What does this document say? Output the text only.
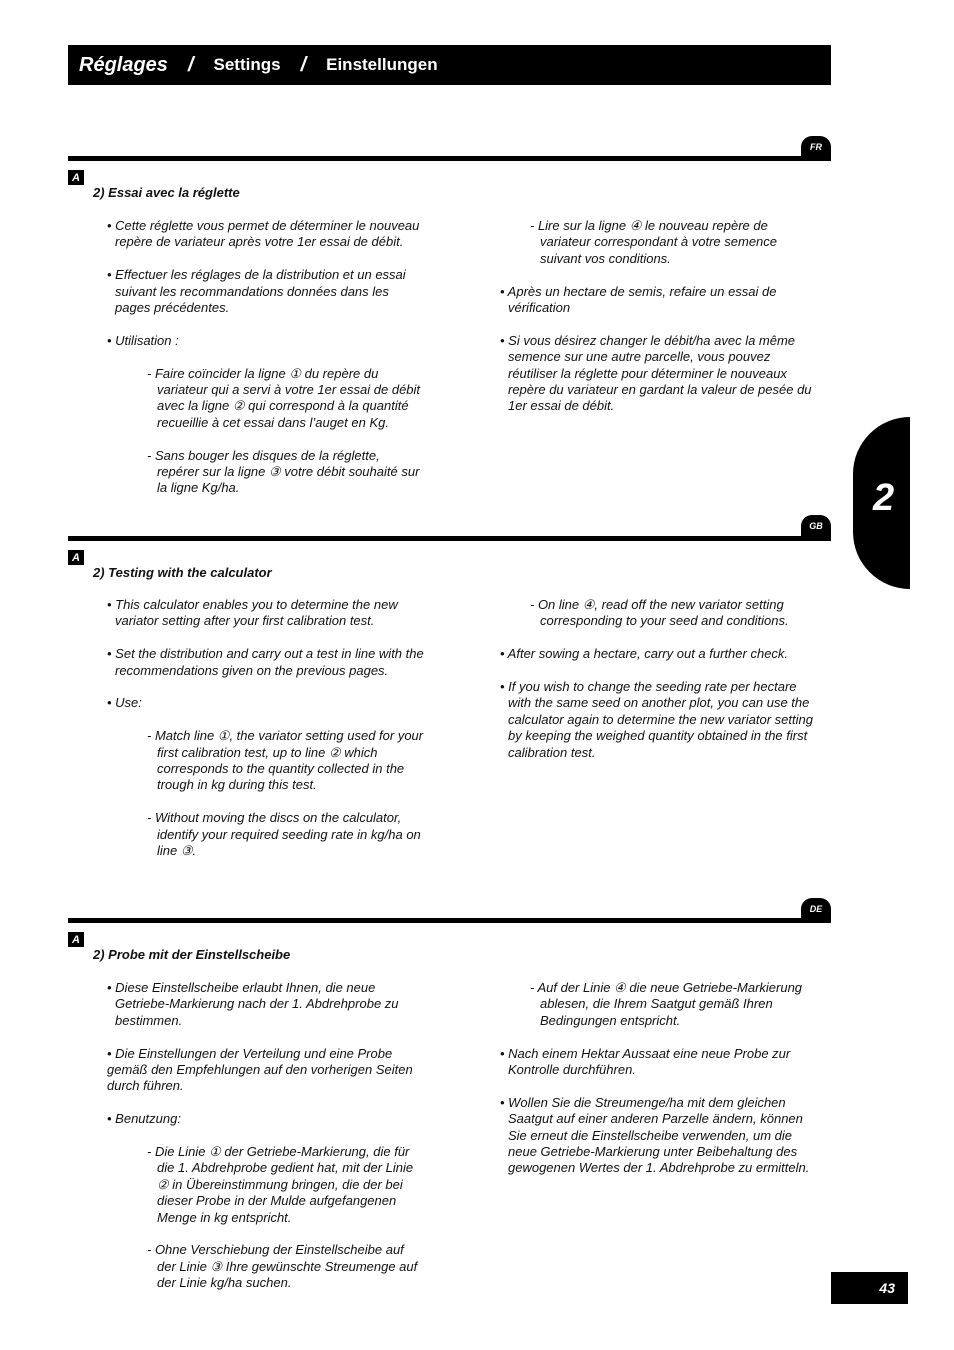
Réglages / Settings / Einstellungen
2
FR
A
2) Essai avec la réglette

• Cette réglette vous permet de déterminer le nouveau repère de variateur après votre 1er essai de débit.

• Effectuer les réglages de la distribution et un essai suivant les recommandations données dans les pages précédentes.

• Utilisation :

- Faire coïncider la ligne ① du repère du variateur qui a servi à votre 1er essai de débit avec la ligne ② qui correspond à la quantité recueillie à cet essai dans l’auget en Kg.

- Sans bouger les disques de la réglette, repérer sur la ligne ③ votre débit souhaité sur la ligne Kg/ha.

- Lire sur la ligne ④ le nouveau repère de variateur correspondant à votre semence suivant vos conditions.

• Après un hectare de semis, refaire un essai de vérification

• Si vous désirez changer le débit/ha avec la même semence sur une autre parcelle, vous pouvez réutiliser la réglette pour déterminer le nouveaux repère du variateur en gardant la valeur de pesée du 1er essai de débit.

GB
A
2) Testing with the calculator

• This calculator enables you to determine the new variator setting after your first calibration test.

• Set the distribution and carry out a test in line with the recommendations given on the previous pages.

• Use:

- Match line ①, the variator setting used for your first calibration test, up to line ② which corresponds to the quantity collected in the trough in kg during this test.

- Without moving the discs on the calculator, identify your required seeding rate in kg/ha on line ③.

- On line ④, read off the new variator setting corresponding to your seed and conditions.

• After sowing a hectare, carry out a further check.

• If you wish to change the seeding rate per hectare with the same seed on another plot, you can use the calculator again to determine the new variator setting by keeping the weighed quantity obtained in the first calibration test.

DE
A
2) Probe mit der Einstellscheibe

• Diese Einstellscheibe erlaubt Ihnen, die neue Getriebe-Markierung nach der 1. Abdrehprobe zu bestimmen.

• Die Einstellungen der Verteilung und eine Probe gemäß den Empfehlungen auf den vorherigen Seiten durch führen.

• Benutzung:

- Die Linie ① der Getriebe-Markierung, die für die 1. Abdrehprobe gedient hat, mit der Linie ② in Übereinstimmung bringen, die der bei dieser Probe in der Mulde aufgefangenen Menge in kg entspricht.

- Ohne Verschiebung der Einstellscheibe auf der Linie ③ Ihre gewünschte Streumenge auf der Linie kg/ha suchen.

- Auf der Linie ④ die neue Getriebe-Markierung ablesen, die Ihrem Saatgut gemäß Ihren Bedingungen entspricht.

• Nach einem Hektar Aussaat eine neue Probe zur Kontrolle durchführen.

• Wollen Sie die Streumenge/ha mit dem gleichen Saatgut auf einer anderen Parzelle ändern, können Sie erneut die Einstellscheibe verwenden, um die neue Getriebe-Markierung unter Beibehaltung des gewogenen Wertes der 1. Abdrehprobe zu ermitteln.

43
